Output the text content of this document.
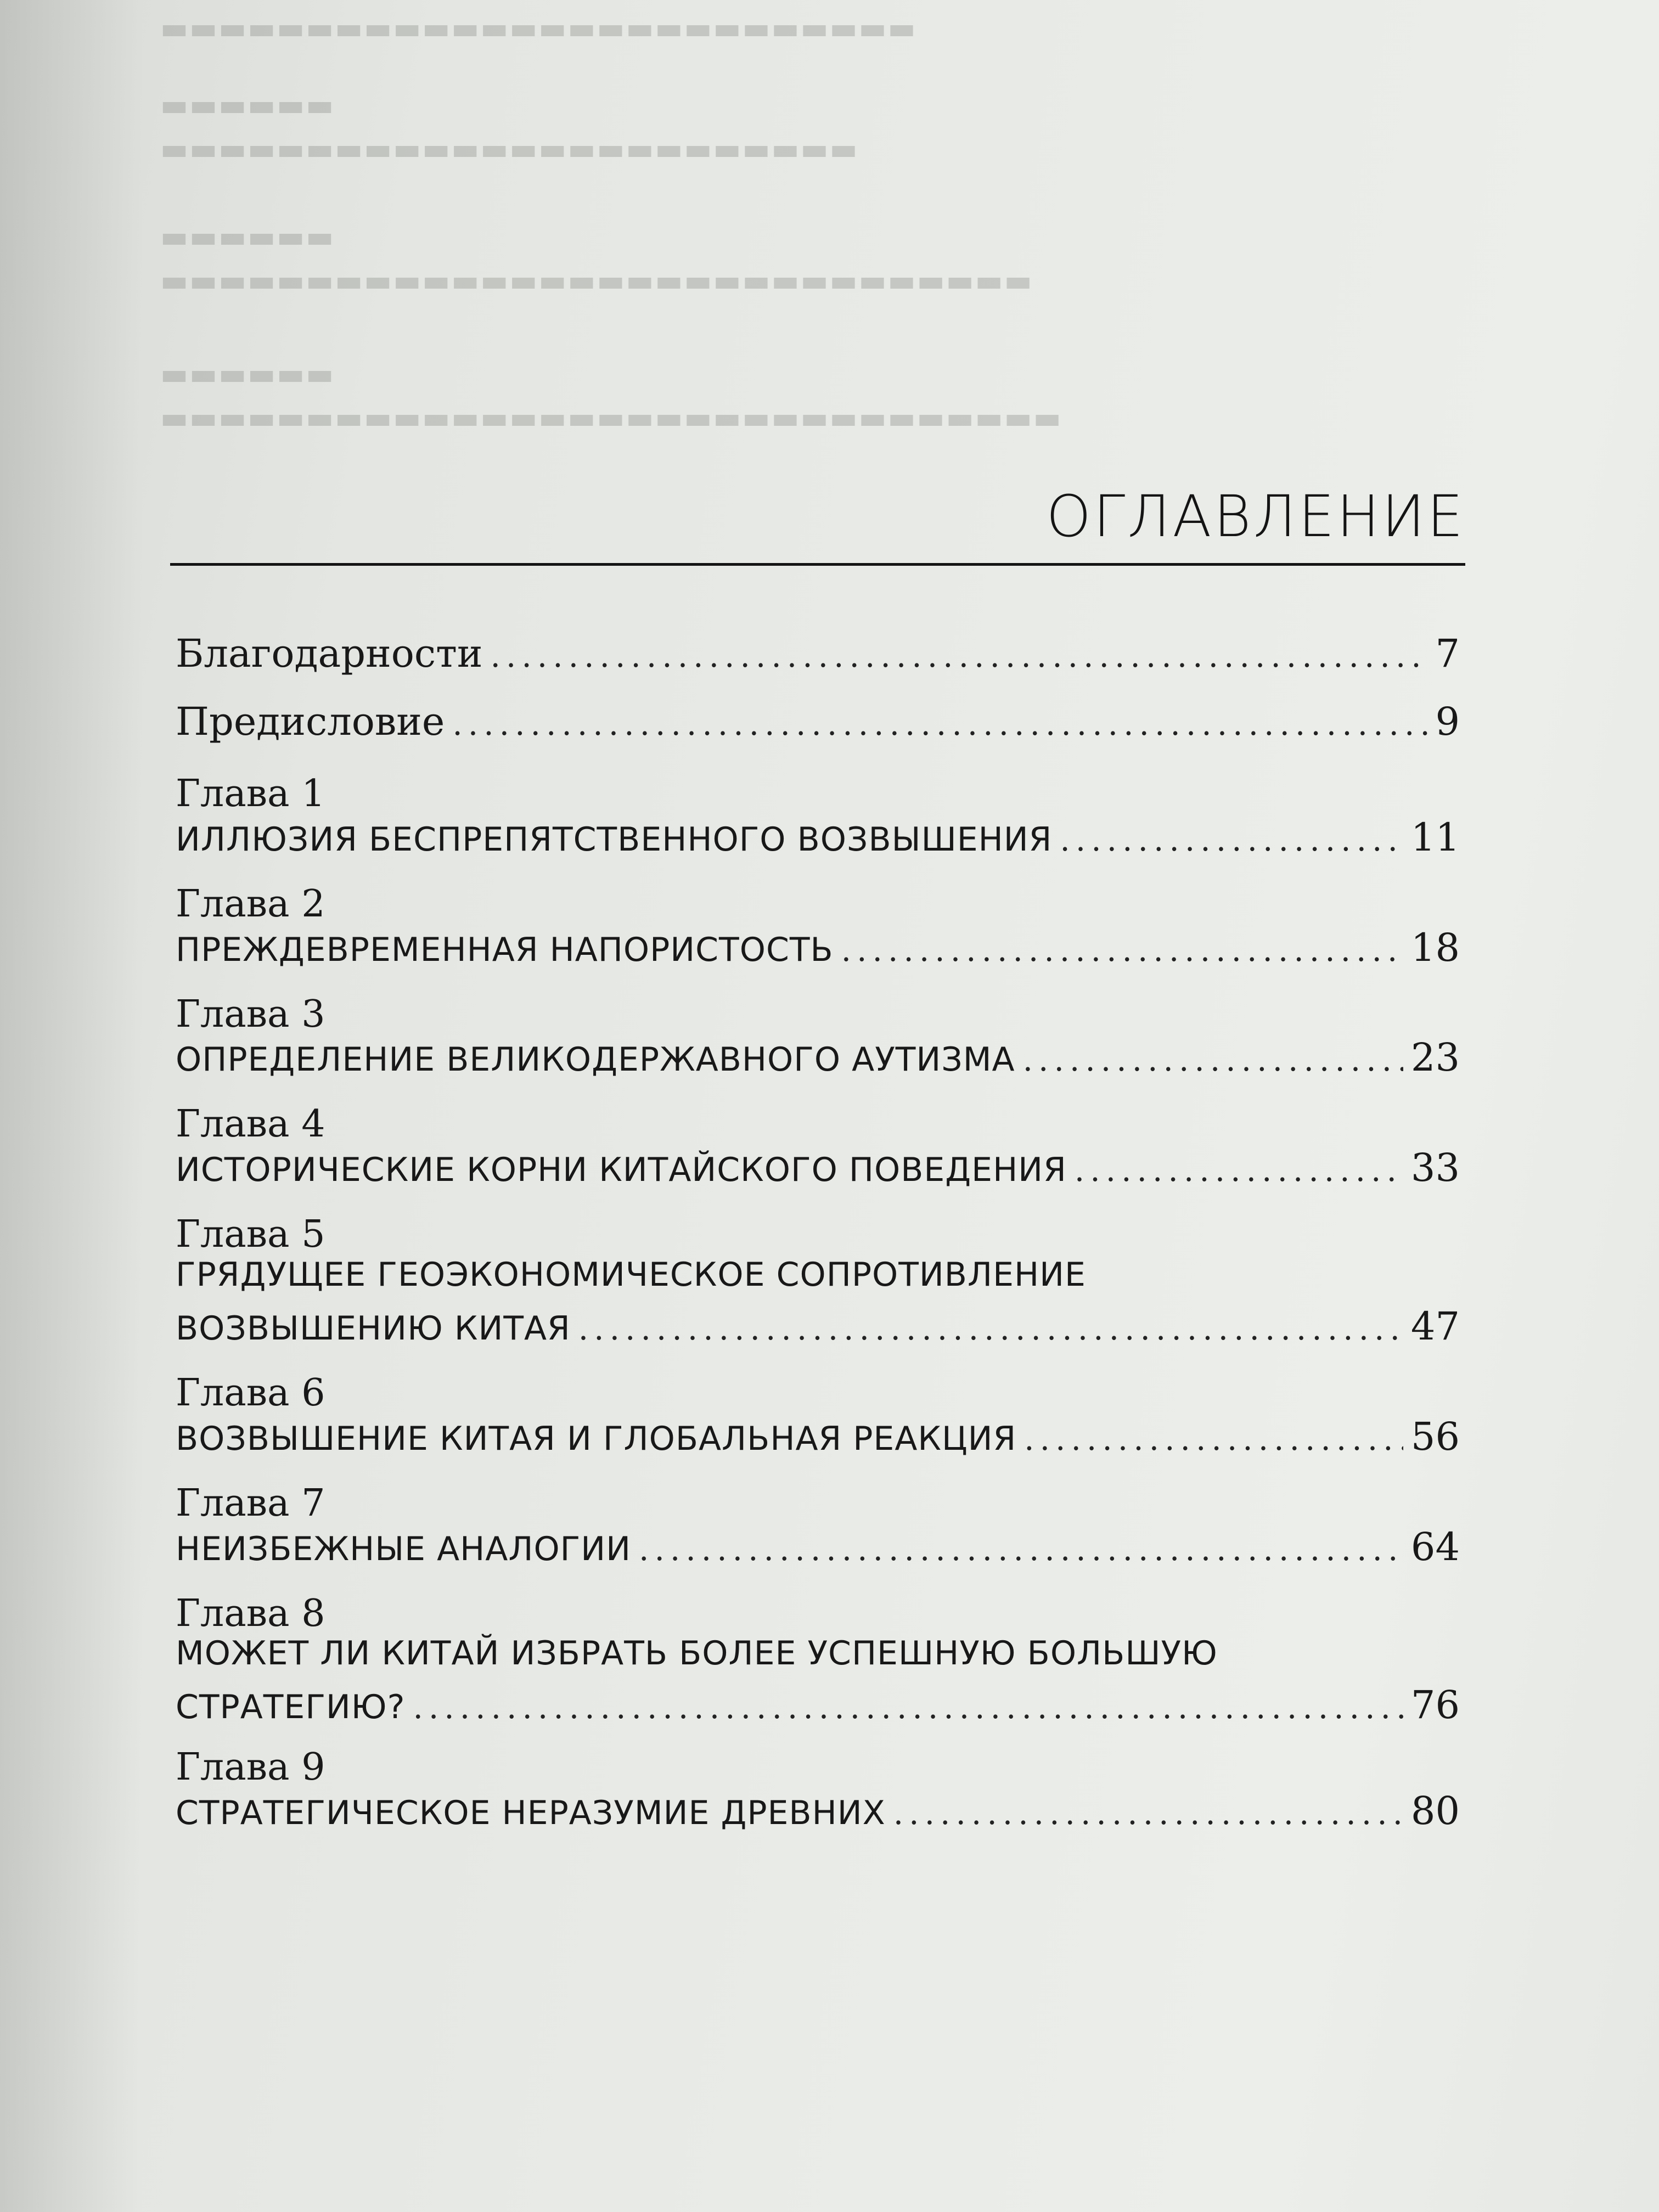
▬▬▬▬▬▬▬▬▬▬▬▬▬▬▬▬▬▬▬▬▬▬▬▬▬▬
▬▬▬▬▬▬
▬▬▬▬▬▬▬▬▬▬▬▬▬▬▬▬▬▬▬▬▬▬▬▬
▬▬▬▬▬▬
▬▬▬▬▬▬▬▬▬▬▬▬▬▬▬▬▬▬▬▬▬▬▬▬▬▬▬▬▬▬
▬▬▬▬▬▬
▬▬▬▬▬▬▬▬▬▬▬▬▬▬▬▬▬▬▬▬▬▬▬▬▬▬▬▬▬▬▬
ОГЛАВЛЕНИЕ
Благодарности .....	7
Предисловие .....	9

Глава 1

ИЛЛЮЗИЯ БЕСПРЕПЯТСТВЕННОГО ВОЗВЫШЕНИЯ .....	11

Глава 2

ПРЕЖДЕВРЕМЕННАЯ НАПОРИСТОСТЬ .....	18

Глава 3

ОПРЕДЕЛЕНИЕ ВЕЛИКОДЕРЖАВНОГО АУТИЗМА .....	23

Глава 4

ИСТОРИЧЕСКИЕ КОРНИ КИТАЙСКОГО ПОВЕДЕНИЯ .....	33

Глава 5

ГРЯДУЩЕЕ ГЕОЭКОНОМИЧЕСКОЕ СОПРОТИВЛЕНИЕ

ВОЗВЫШЕНИЮ КИТАЯ .....	47

Глава 6

ВОЗВЫШЕНИЕ КИТАЯ И ГЛОБАЛЬНАЯ РЕАКЦИЯ .....	56

Глава 7

НЕИЗБЕЖНЫЕ АНАЛОГИИ .....	64

Глава 8

МОЖЕТ ЛИ КИТАЙ ИЗБРАТЬ БОЛЕЕ УСПЕШНУЮ БОЛЬШУЮ

СТРАТЕГИЮ? .....	76

Глава 9

СТРАТЕГИЧЕСКОЕ НЕРАЗУМИЕ ДРЕВНИХ .....	80
